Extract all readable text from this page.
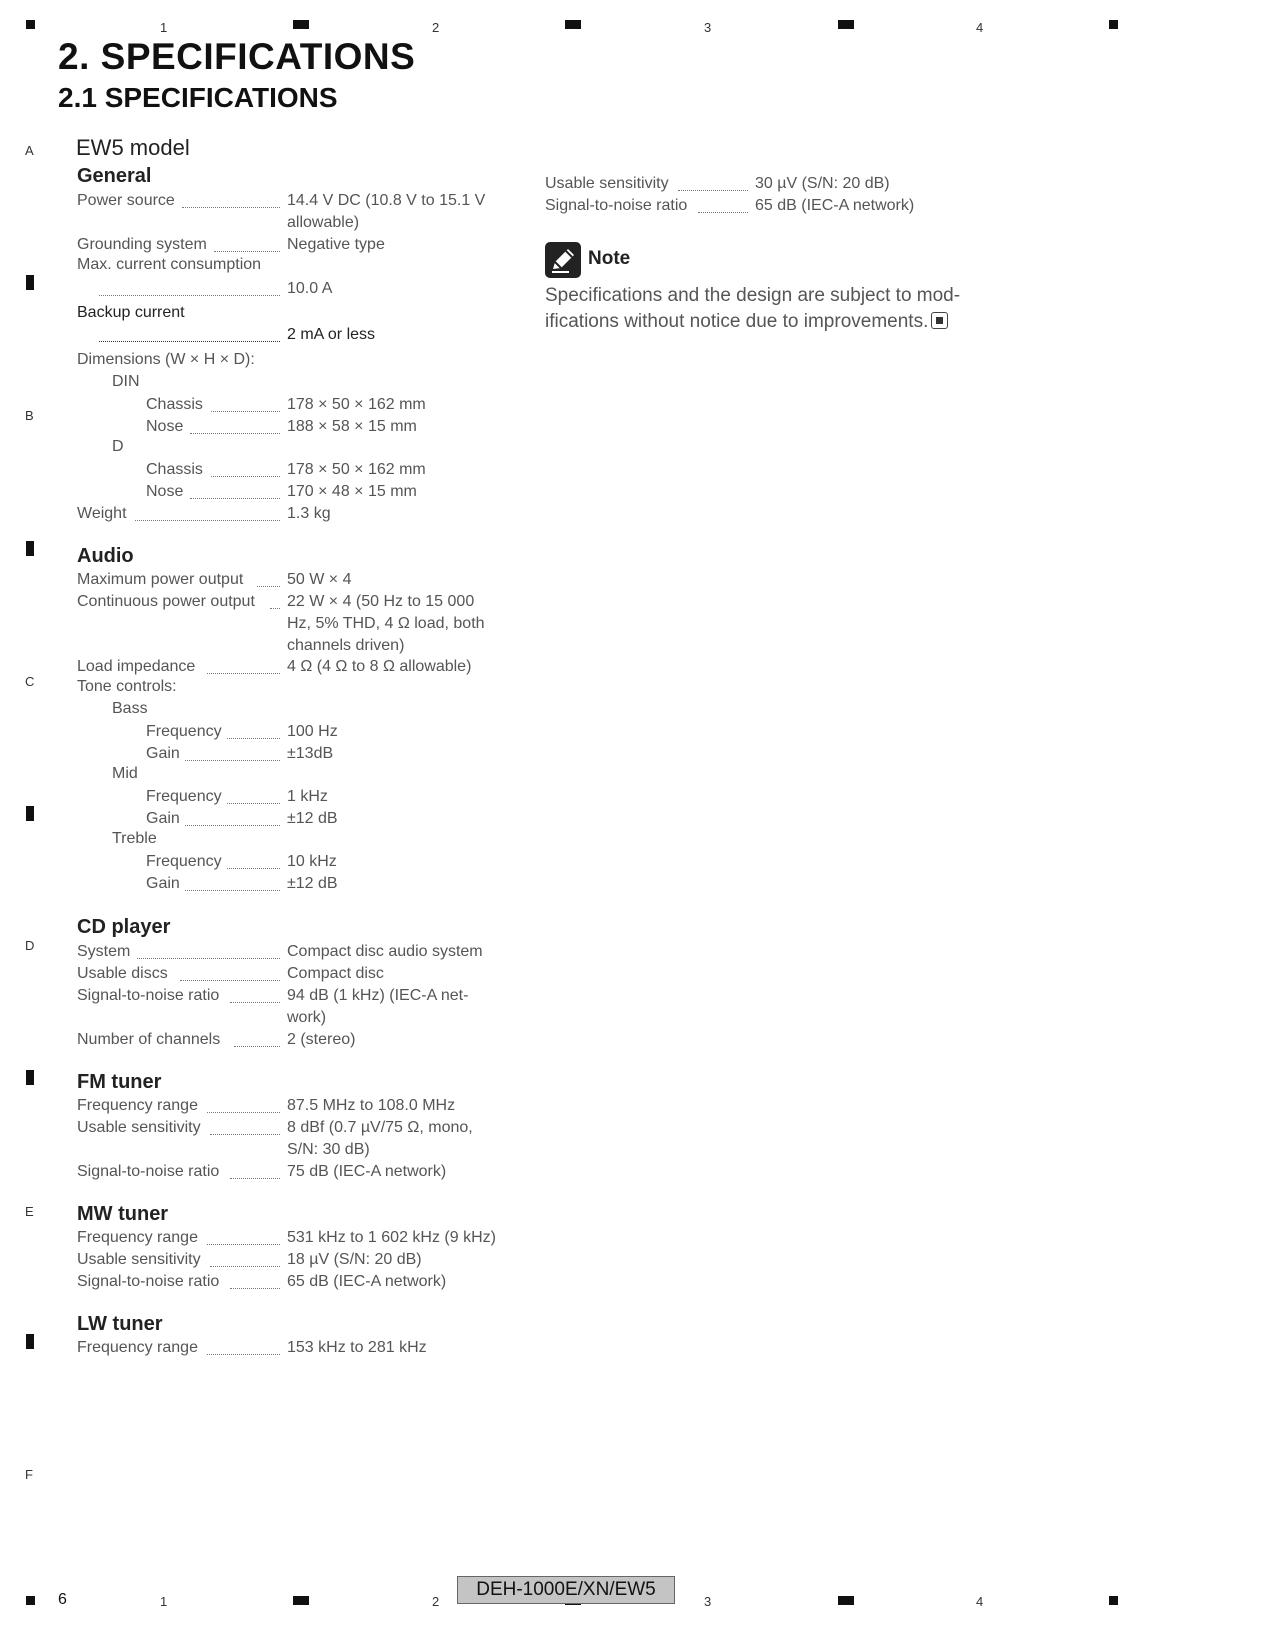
1	2	3	4
1	2	3	4
A
B
C
D
E
F
2. SPECIFICATIONS
2.1 SPECIFICATIONS
EW5 model
General
Power source	14.4 V DC (10.8 V to 15.1 V allowable)
Grounding system	Negative type
Max. current consumption
10.0 A
Backup current
2 mA or less
Dimensions (W × H × D):
DIN
Chassis	178 × 50 × 162 mm
Nose	188 × 58 × 15 mm
D
Chassis	178 × 50 × 162 mm
Nose	170 × 48 × 15 mm
Weight	1.3 kg
Audio
Maximum power output	50 W × 4
Continuous power output 22 W × 4 (50 Hz to 15 000 Hz, 5% THD, 4 Ω load, both channels driven)
Load impedance	4 Ω (4 Ω to 8 Ω allowable)
Tone controls:
Bass
Frequency	100 Hz
Gain	±13dB
Mid
Frequency	1 kHz
Gain	±12 dB
Treble
Frequency	10 kHz
Gain	±12 dB
CD player
System	Compact disc audio system
Usable discs	Compact disc
Signal-to-noise ratio	94 dB (1 kHz) (IEC-A net- work)
Number of channels	2 (stereo)
FM tuner
Frequency range	87.5 MHz to 108.0 MHz
Usable sensitivity	8 dBf (0.7 µV/75 Ω, mono, S/N: 30 dB)
Signal-to-noise ratio	75 dB (IEC-A network)
MW tuner
Frequency range	531 kHz to 1 602 kHz (9 kHz)
Usable sensitivity	18 µV (S/N: 20 dB)
Signal-to-noise ratio	65 dB (IEC-A network)
LW tuner
Frequency range	153 kHz to 281 kHz
Usable sensitivity	30 µV (S/N: 20 dB)
Signal-to-noise ratio	65 dB (IEC-A network)
Note
Specifications and the design are subject to mod- ifications without notice due to improvements.
6	DEH-1000E/XN/EW5
